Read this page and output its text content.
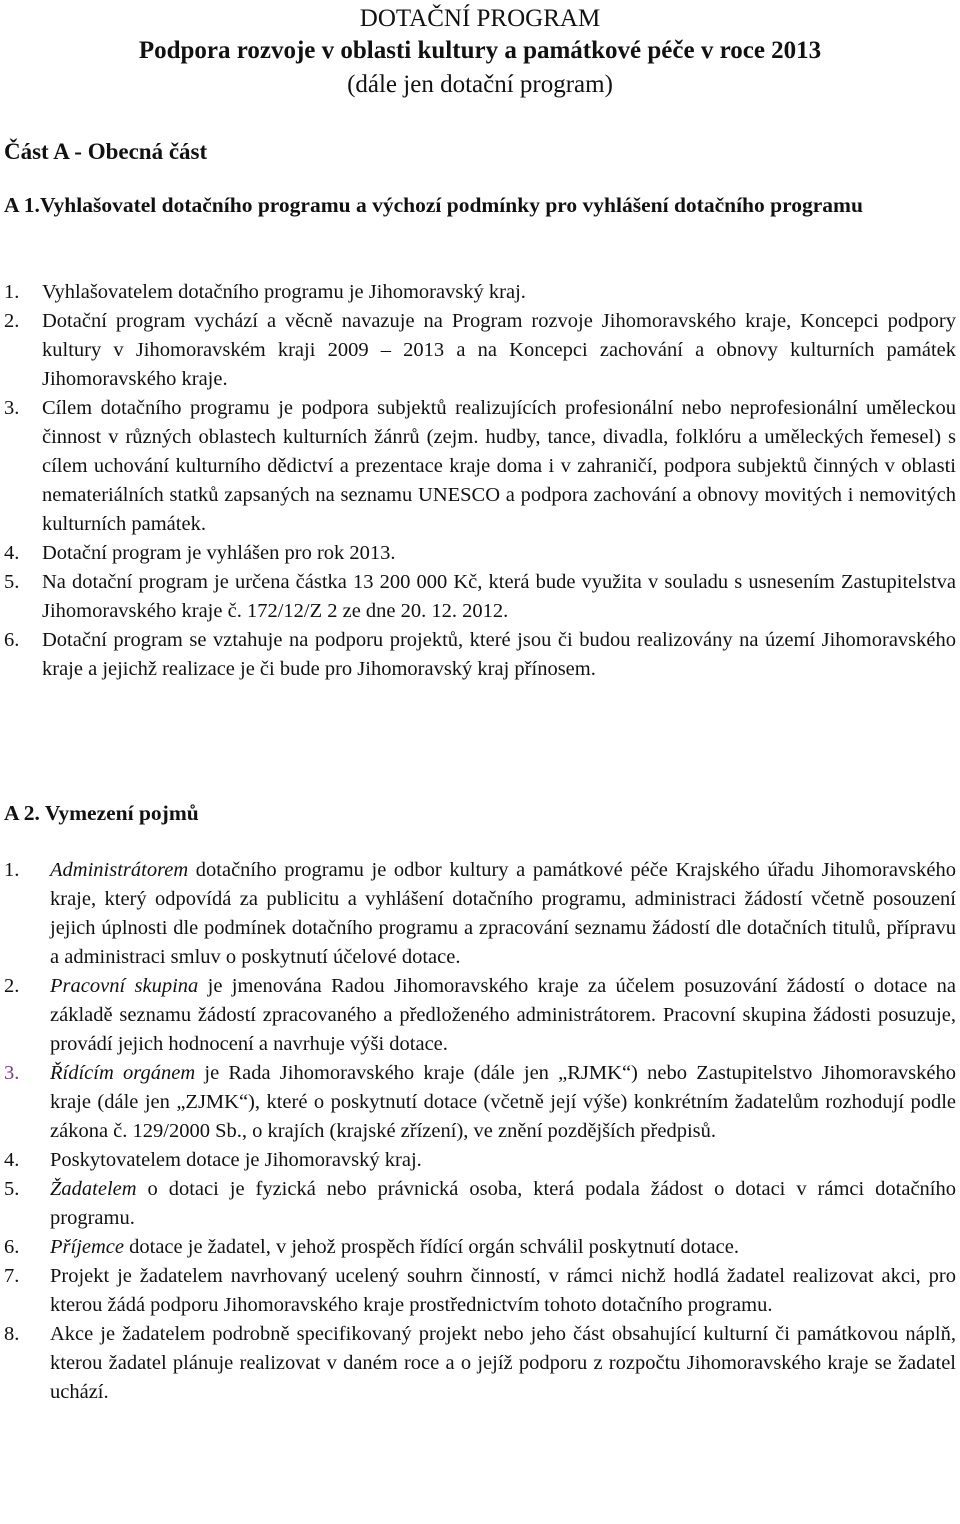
DOTAČNÍ PROGRAM
Podpora rozvoje v oblasti kultury a památkové péče v roce 2013
(dále jen dotační program)
Část A - Obecná část
A 1.Vyhlašovatel dotačního programu a výchozí podmínky pro vyhlášení dotačního programu
1. Vyhlašovatelem dotačního programu je Jihomoravský kraj.
2. Dotační program vychází a věcně navazuje na Program rozvoje Jihomoravského kraje, Koncepci podpory kultury v Jihomoravském kraji 2009 – 2013 a na Koncepci zachování a obnovy kulturních památek Jihomoravského kraje.
3. Cílem dotačního programu je podpora subjektů realizujících profesionální nebo neprofesionální uměleckou činnost v různých oblastech kulturních žánrů (zejm. hudby, tance, divadla, folklóru a uměleckých řemesel) s cílem uchování kulturního dědictví a prezentace kraje doma i v zahraničí, podpora subjektů činných v oblasti nemateriálních statků zapsaných na seznamu UNESCO a podpora zachování a obnovy movitých i nemovitých kulturních památek.
4. Dotační program je vyhlášen pro rok 2013.
5. Na dotační program je určena částka 13 200 000 Kč, která bude využita v souladu s usnesením Zastupitelstva Jihomoravského kraje č. 172/12/Z 2 ze dne 20. 12. 2012.
6. Dotační program se vztahuje na podporu projektů, které jsou či budou realizovány na území Jihomoravského kraje a jejichž realizace je či bude pro Jihomoravský kraj přínosem.
A 2. Vymezení pojmů
1. Administrátorem dotačního programu je odbor kultury a památkové péče Krajského úřadu Jihomoravského kraje, který odpovídá za publicitu a vyhlášení dotačního programu, administraci žádostí včetně posouzení jejich úplnosti dle podmínek dotačního programu a zpracování seznamu žádostí dle dotačních titulů, přípravu a administraci smluv o poskytnutí účelové dotace.
2. Pracovní skupina je jmenována Radou Jihomoravského kraje za účelem posuzování žádostí o dotace na základě seznamu žádostí zpracovaného a předloženého administrátorem. Pracovní skupina žádosti posuzuje, provádí jejich hodnocení a navrhuje výši dotace.
3. Řídícím orgánem je Rada Jihomoravského kraje (dále jen „RJMK“) nebo Zastupitelstvo Jihomoravského kraje (dále jen „ZJMK“), které o poskytnutí dotace (včetně její výše) konkrétním žadatelům rozhodují podle zákona č. 129/2000 Sb., o krajích (krajské zřízení), ve znění pozdějších předpisů.
4. Poskytovatelem dotace je Jihomoravský kraj.
5. Žadatelem o dotaci je fyzická nebo právnická osoba, která podala žádost o dotaci v rámci dotačního programu.
6. Příjemce dotace je žadatel, v jehož prospěch řídící orgán schválil poskytnutí dotace.
7. Projekt je žadatelem navrhovaný ucelený souhrn činností, v rámci nichž hodlá žadatel realizovat akci, pro kterou žádá podporu Jihomoravského kraje prostřednictvím tohoto dotačního programu.
8. Akce je žadatelem podrobně specifikovaný projekt nebo jeho část obsahující kulturní či památkovou náplň, kterou žadatel plánuje realizovat v daném roce a o jejíž podporu z rozpočtu Jihomoravského kraje se žadatel uchází.
